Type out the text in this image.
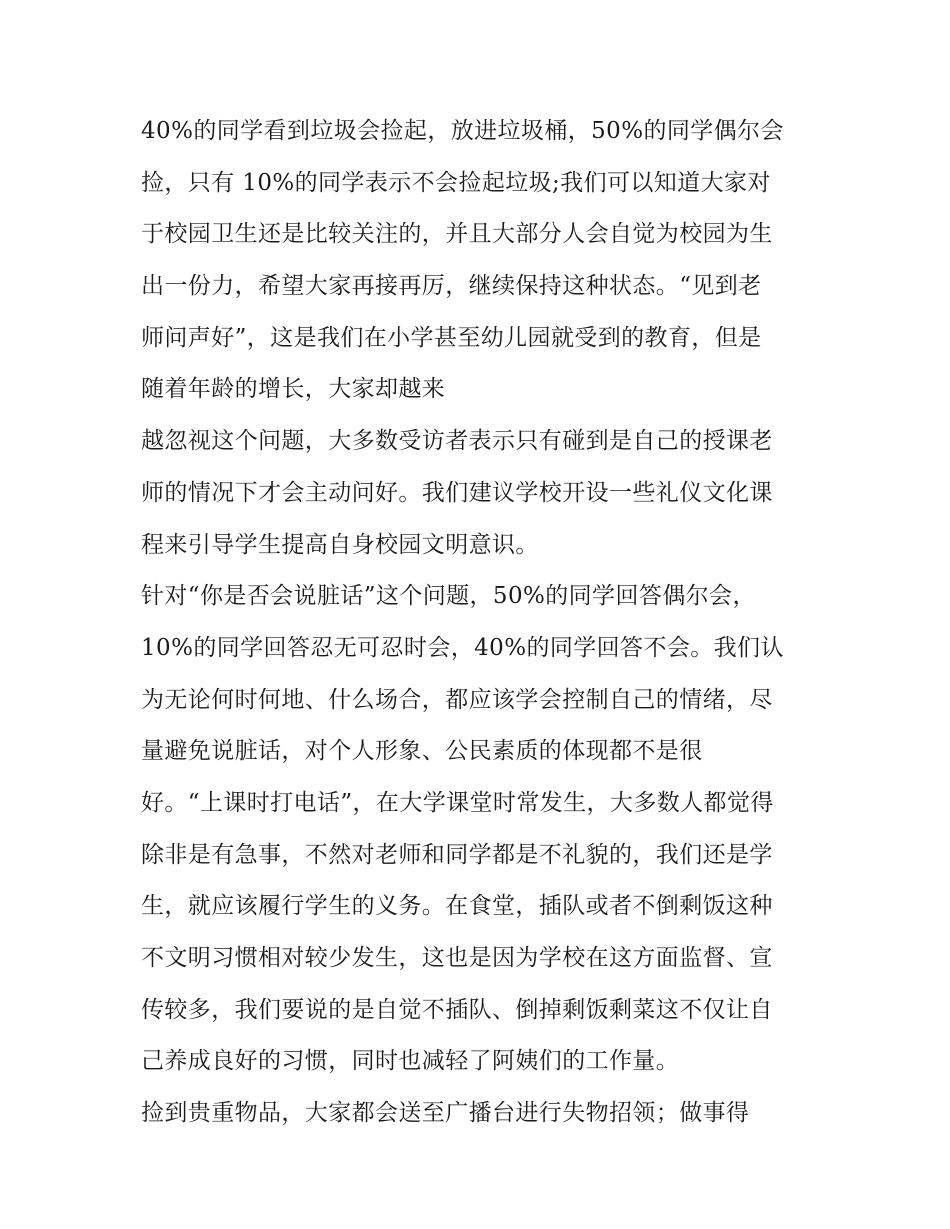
40%的同学看到垃圾会捡起，放进垃圾桶，50%的同学偶尔会
捡，只有 10%的同学表示不会捡起垃圾;我们可以知道大家对
于校园卫生还是比较关注的，并且大部分人会自觉为校园为生
出一份力，希望大家再接再厉，继续保持这种状态。“见到老
师问声好”，这是我们在小学甚至幼儿园就受到的教育，但是
随着年龄的增长，大家却越来
越忽视这个问题，大多数受访者表示只有碰到是自己的授课老
师的情况下才会主动问好。我们建议学校开设一些礼仪文化课
程来引导学生提高自身校园文明意识。
针对“你是否会说脏话”这个问题，50%的同学回答偶尔会，
10%的同学回答忍无可忍时会，40%的同学回答不会。我们认
为无论何时何地、什么场合，都应该学会控制自己的情绪，尽
量避免说脏话，对个人形象、公民素质的体现都不是很
好。“上课时打电话”，在大学课堂时常发生，大多数人都觉得
除非是有急事，不然对老师和同学都是不礼貌的，我们还是学
生，就应该履行学生的义务。在食堂，插队或者不倒剩饭这种
不文明习惯相对较少发生，这也是因为学校在这方面监督、宣
传较多，我们要说的是自觉不插队、倒掉剩饭剩菜这不仅让自
己养成良好的习惯，同时也减轻了阿姨们的工作量。
捡到贵重物品，大家都会送至广播台进行失物招领；做事得
